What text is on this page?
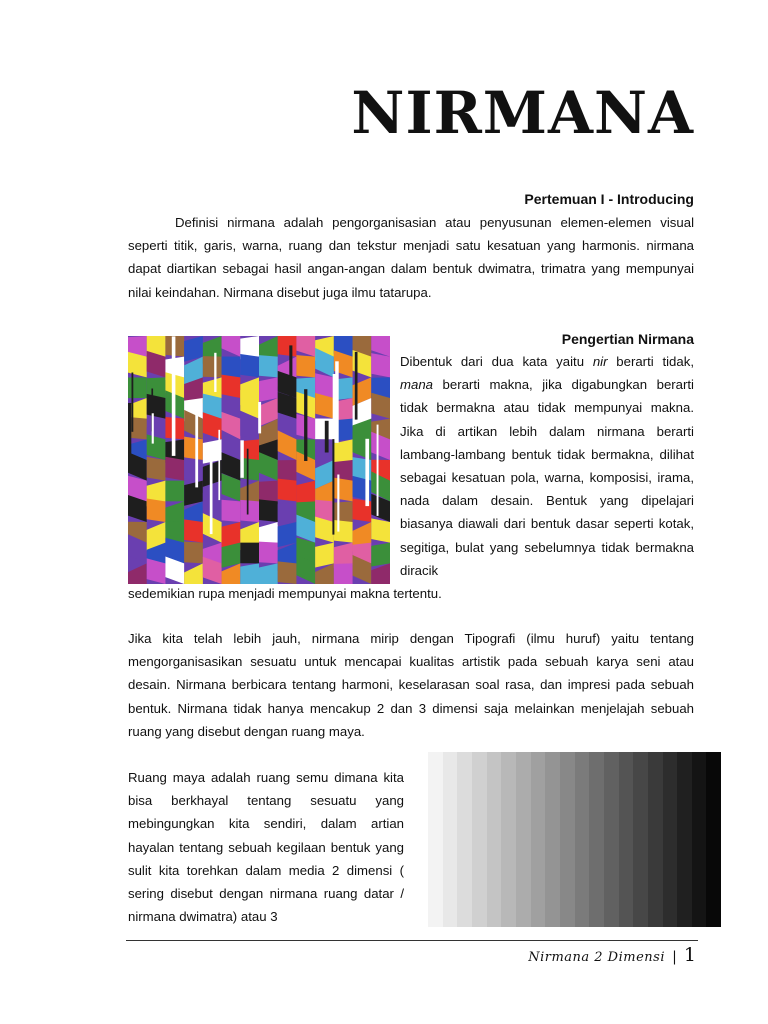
NIRMANA
Pertemuan I - Introducing

Definisi nirmana adalah pengorganisasian atau penyusunan elemen-elemen visual seperti titik, garis, warna, ruang dan tekstur menjadi satu kesatuan yang harmonis. nirmana dapat diartikan sebagai hasil angan-angan dalam bentuk dwimatra, trimatra yang mempunyai nilai keindahan. Nirmana disebut juga ilmu tatarupa.

Pengertian Nirmana

Dibentuk dari dua kata yaitu nir berarti tidak, mana berarti makna, jika digabungkan berarti tidak bermakna atau tidak mempunyai makna. Jika di artikan lebih dalam nirmana berarti lambang-lambang bentuk tidak bermakna, dilihat sebagai kesatuan pola, warna, komposisi, irama, nada dalam desain. Bentuk yang dipelajari biasanya diawali dari bentuk dasar seperti kotak, segitiga, bulat yang sebelumnya tidak bermakna diracik

sedemikian rupa menjadi mempunyai makna tertentu.

Jika kita telah lebih jauh, nirmana mirip dengan Tipografi (ilmu huruf) yaitu tentang mengorganisasikan sesuatu untuk mencapai kualitas artistik pada sebuah karya seni atau desain. Nirmana berbicara tentang harmoni, keselarasan soal rasa, dan impresi pada sebuah bentuk. Nirmana tidak hanya mencakup 2 dan 3 dimensi saja melainkan menjelajah sebuah ruang yang disebut dengan ruang maya.

Ruang maya adalah ruang semu dimana kita bisa berkhayal tentang sesuatu yang mebingungkan kita sendiri, dalam artian hayalan tentang sebuah kegilaan bentuk yang sulit kita torehkan dalam media 2 dimensi ( sering disebut dengan nirmana ruang datar / nirmana dwimatra) atau 3

Nirmana 2 Dimensi | 1
